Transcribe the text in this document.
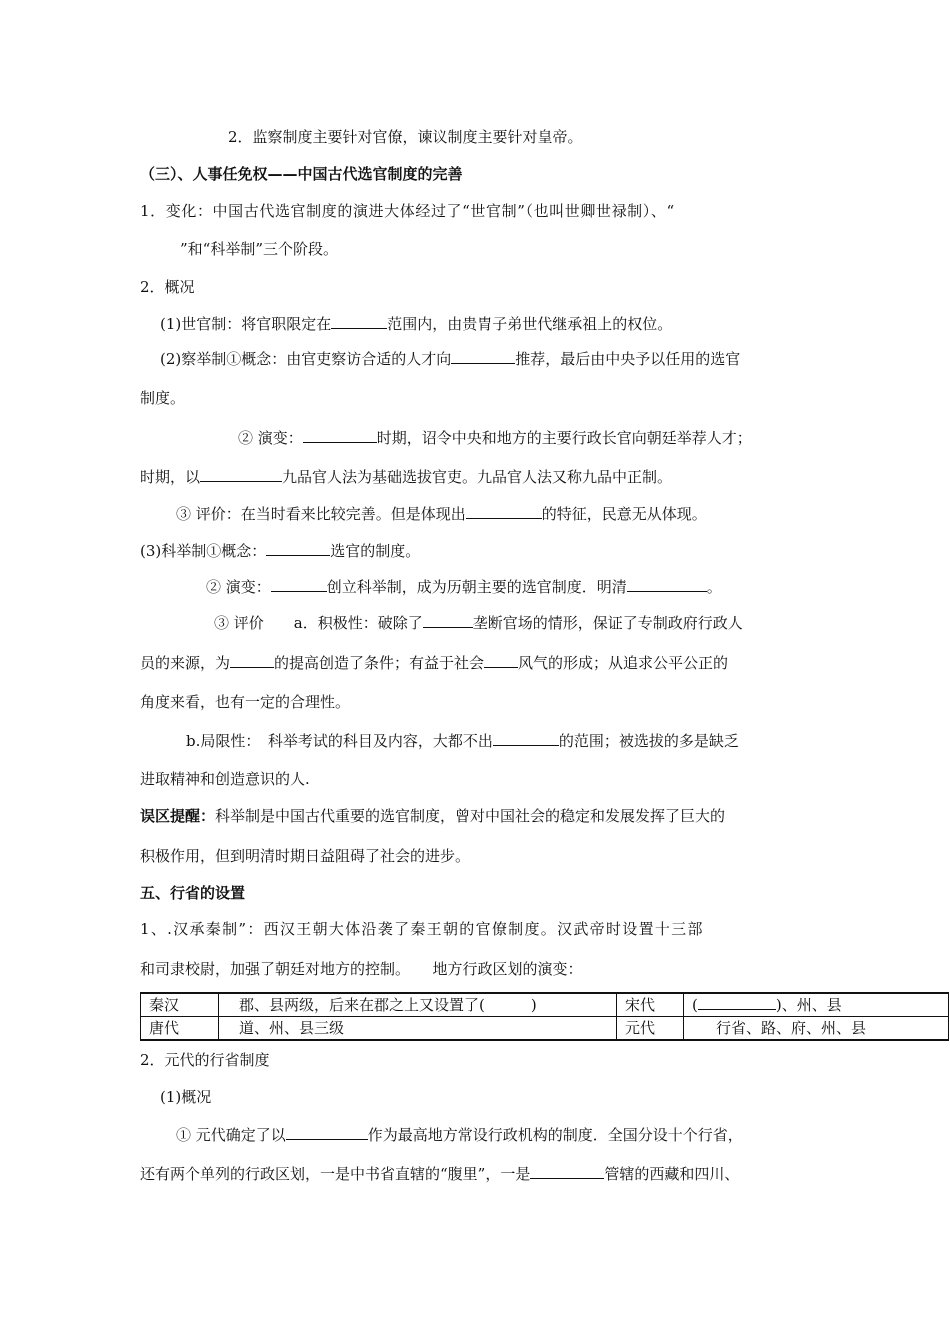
2．监察制度主要针对官僚，谏议制度主要针对皇帝。
（三）、人事任免权——中国古代选官制度的完善
1．变化：中国古代选官制度的演进大体经过了“世官制”（也叫世卿世禄制）、“
”和“科举制”三个阶段。
2．概况
(1)世官制：将官职限定在	范围内，由贵胄子弟世代继承祖上的权位。
(2)察举制①概念：由官吏察访合适的人才向	推荐，最后由中央予以任用的选官
制度。
② 演变：	时期，诏令中央和地方的主要行政长官向朝廷举荐人才；
时期，以	九品官人法为基础选拔官吏。九品官人法又称九品中正制。
③ 评价：在当时看来比较完善。但是体现出	的特征，民意无从体现。
(3)科举制①概念：	选官的制度。
② 演变：	创立科举制，成为历朝主要的选官制度．明清	。
③ 评价　　a．积极性：破除了	垄断官场的情形，保证了专制政府行政人
员的来源，为	的提高创造了条件；有益于社会 风气的形成；从追求公平公正的
角度来看，也有一定的合理性。
b.局限性：　科举考试的科目及内容，大都不出	的范围；被选拔的多是缺乏
进取精神和创造意识的人.
误区提醒：科举制是中国古代重要的选官制度，曾对中国社会的稳定和发展发挥了巨大的
积极作用，但到明清时期日益阻碍了社会的进步。
五、行省的设置
1、.汉承秦制”：西汉王朝大体沿袭了秦王朝的官僚制度。汉武帝时设置十三部
和司隶校尉，加强了朝廷对地方的控制。　　地方行政区划的演变：
秦汉	郡、县两级，后来在郡之上又设置了( )	宋代	( )、州、县
唐代	道、州、县三级	元代	行省、路、府、州、县
2．元代的行省制度
(1)概况
① 元代确定了以	作为最高地方常设行政机构的制度．全国分设十个行省，
还有两个单列的行政区划，一是中书省直辖的“腹里”，一是	管辖的西藏和四川、
